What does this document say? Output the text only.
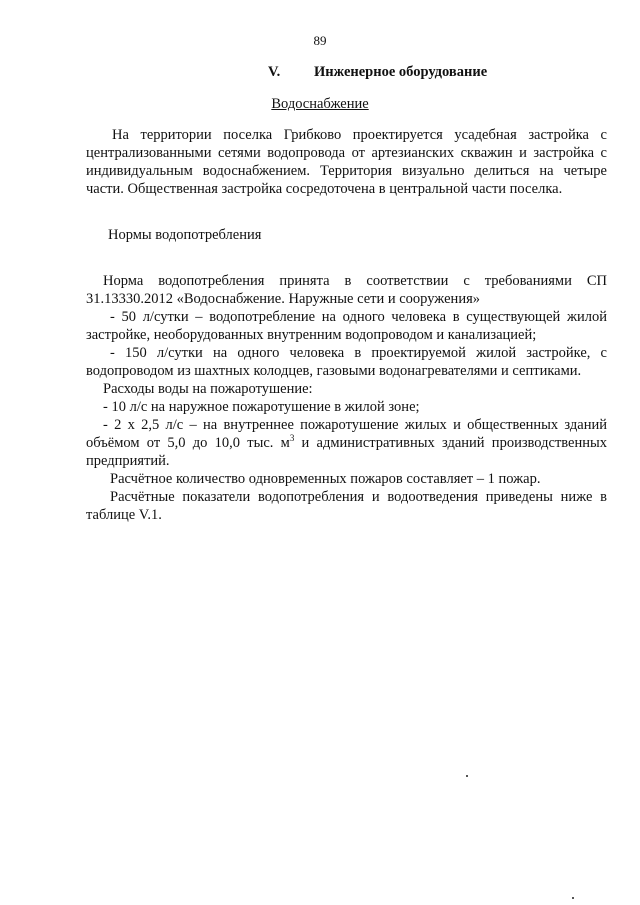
89
V. Инженерное оборудование
Водоснабжение

На территории поселка Грибково проектируется усадебная застройка с централизованными сетями водопровода от артезианских скважин и застройка с индивидуальным водоснабжением. Территория визуально делиться на четыре части. Общественная застройка сосредоточена в центральной части поселка.

Нормы водопотребления

Норма водопотребления принята в соответствии с требованиями СП 31.13330.2012 «Водоснабжение. Наружные сети и сооружения»

- 50 л/сутки – водопотребление на одного человека в существующей жилой застройке, необорудованных внутренним водопроводом и канализацией;

- 150 л/сутки на одного человека в проектируемой жилой застройке, с водопроводом из шахтных колодцев, газовыми водонагревателями и септиками.

Расходы воды на пожаротушение:

- 10 л/с на наружное пожаротушение в жилой зоне;

- 2 х 2,5 л/с – на внутреннее пожаротушение жилых и общественных зданий объёмом от 5,0 до 10,0 тыс. $м^3$ и административных зданий производственных предприятий.

Расчётное количество одновременных пожаров составляет – 1 пожар.

Расчётные показатели водопотребления и водоотведения приведены ниже в таблице V.1.
